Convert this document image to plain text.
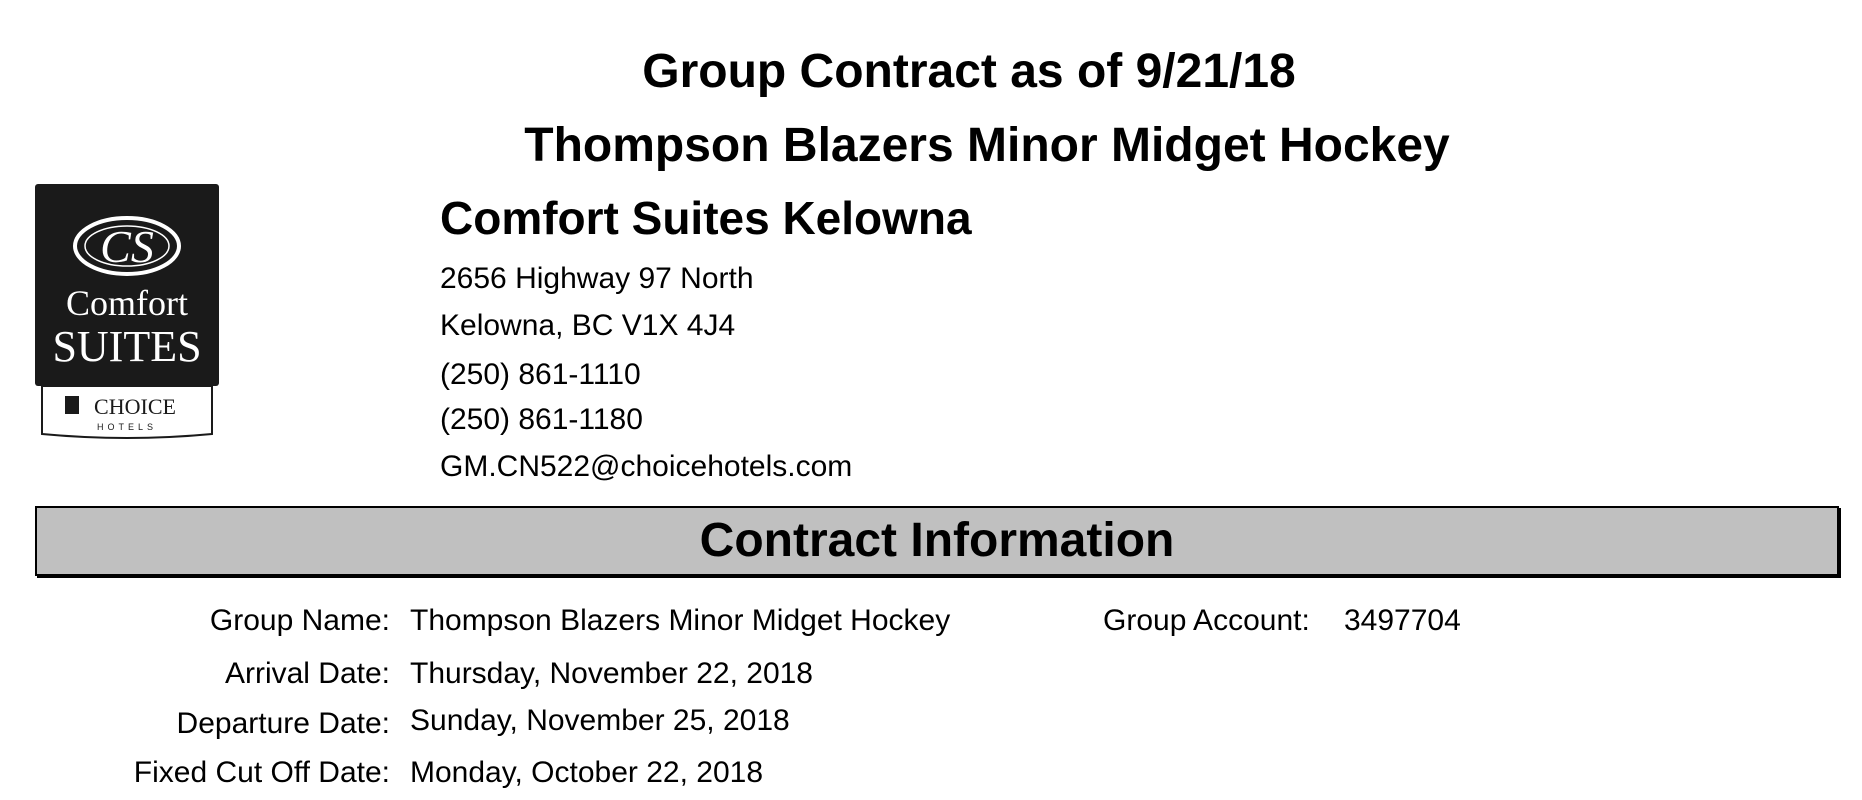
Group Contract as of 9/21/18
Thompson Blazers Minor Midget Hockey
CS
Comfort
SUITES
CHOICE
HOTELS
Comfort Suites Kelowna
2656 Highway 97 North
Kelowna, BC V1X 4J4
(250) 861-1110
(250) 861-1180
GM.CN522@choicehotels.com
Contract Information
Group Name: Thompson Blazers Minor Midget Hockey	Group Account: 3497704
Arrival Date: Thursday, November 22, 2018
Departure Date: Sunday, November 25, 2018
Fixed Cut Off Date: Monday, October 22, 2018
